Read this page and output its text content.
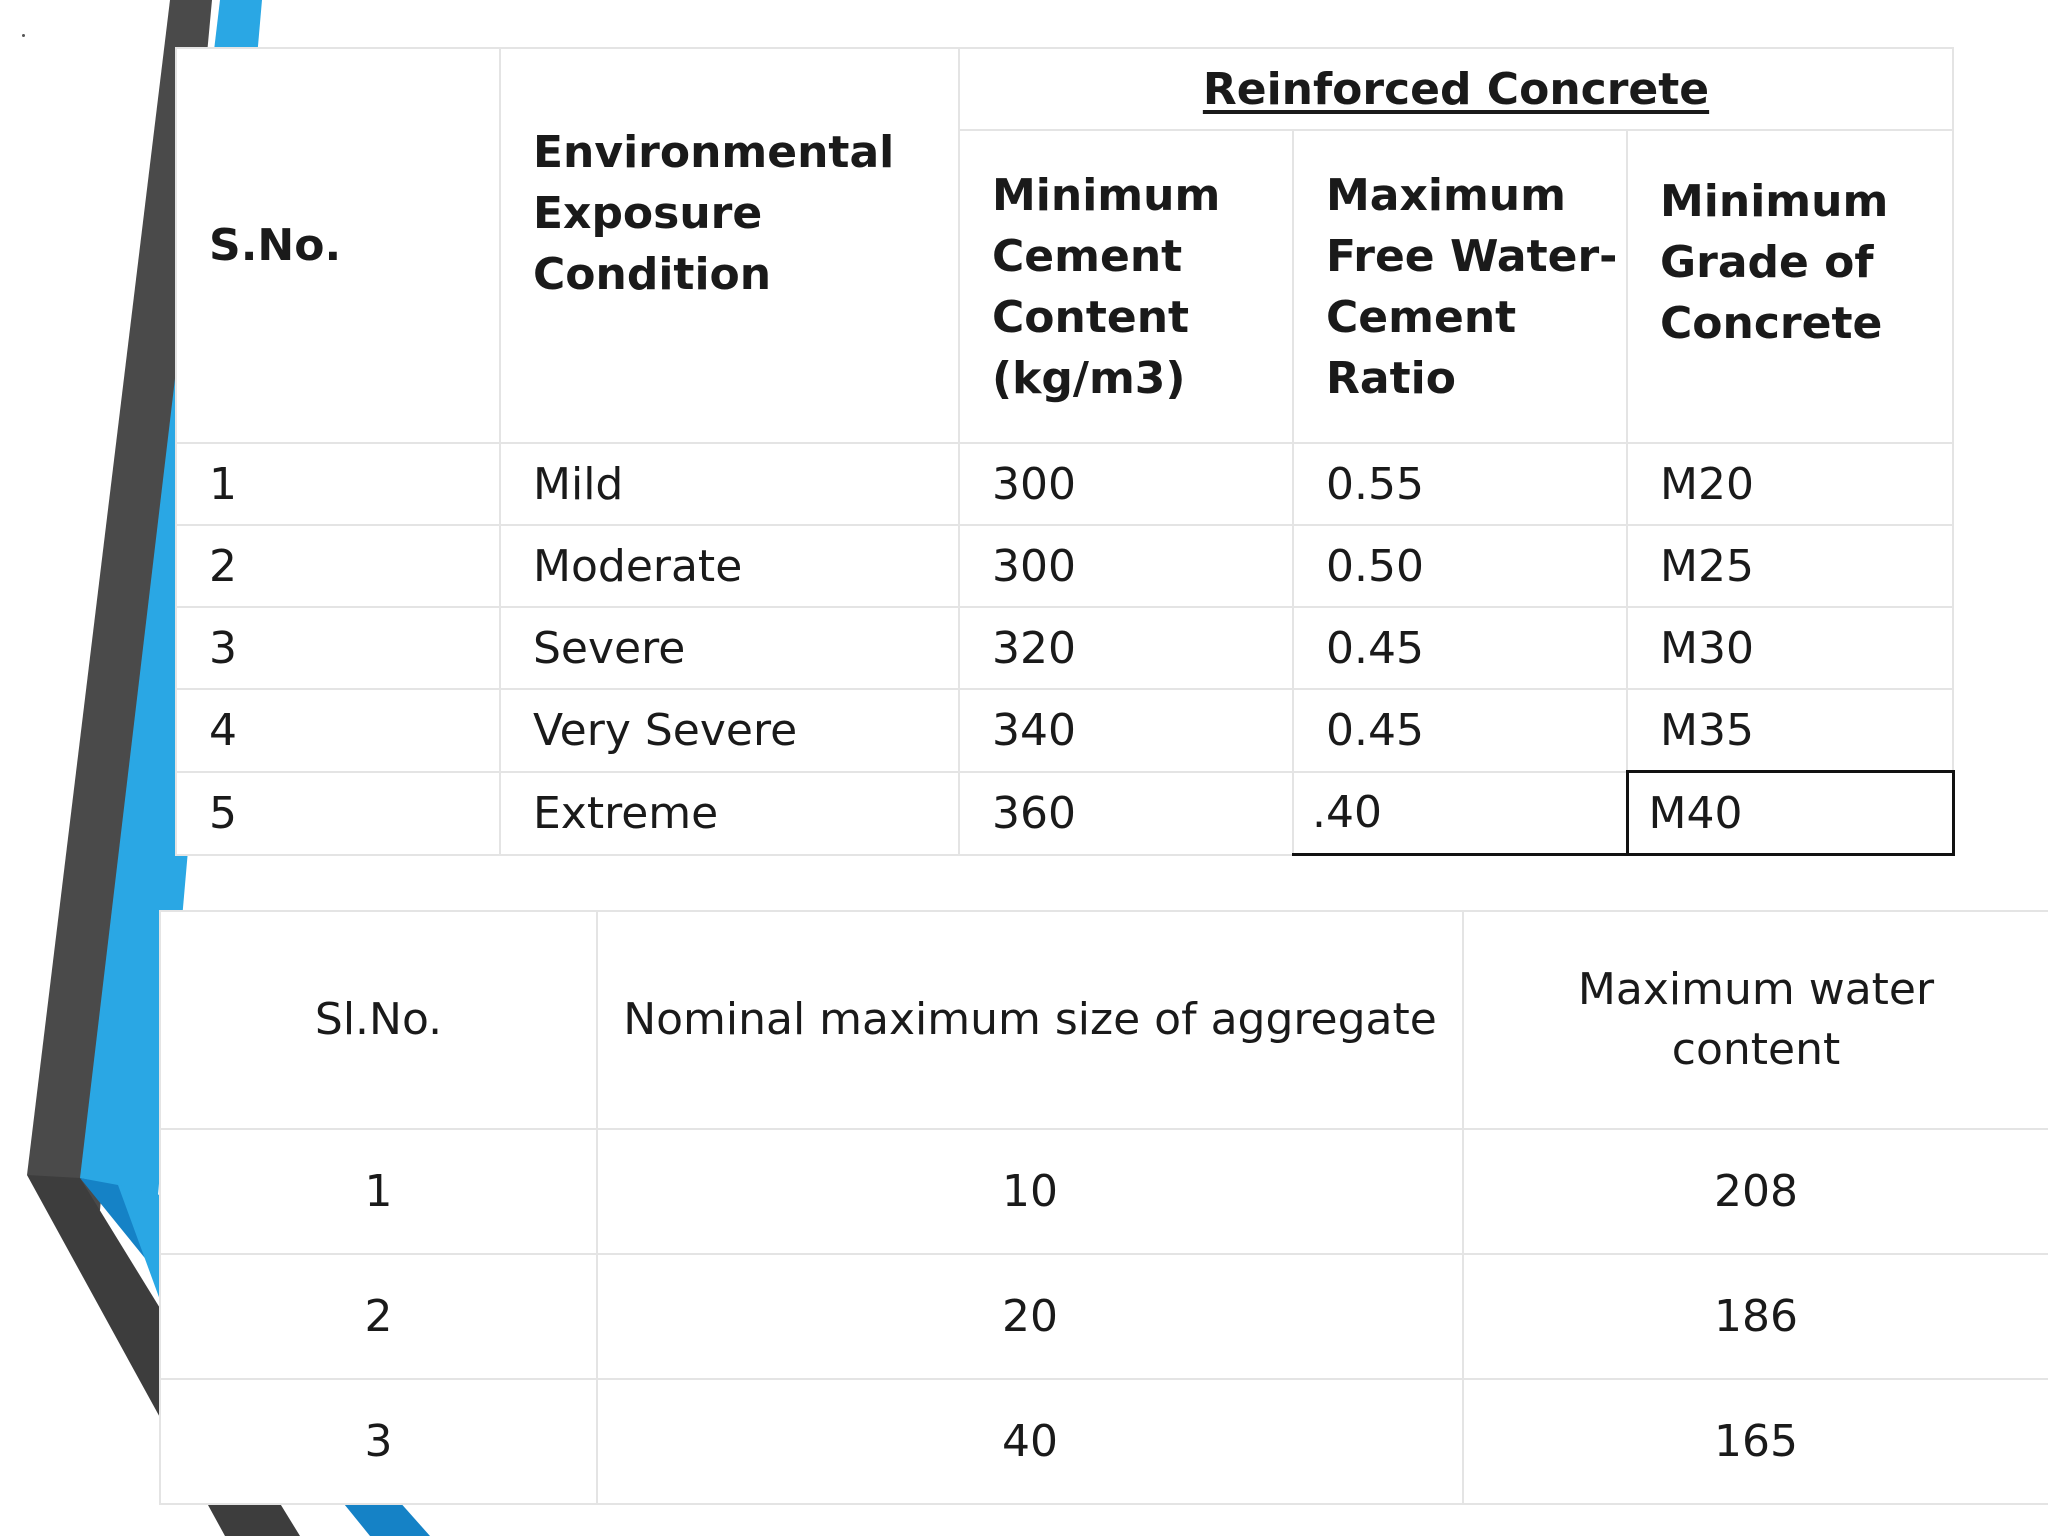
S.No.	Environmental Exposure Condition	Reinforced Concrete		
		Minimum Cement Content (kg/m3)	Maximum Free Water-Cement Ratio	Minimum Grade of Concrete
1	Mild	300	0.55	M20
2	Moderate	300	0.50	M25
3	Severe	320	0.45	M30
4	Very Severe	340	0.45	M35
5	Extreme	360	.40	M40
Sl.No.	Nominal maximum size of aggregate	Maximum water content
1	10	208
2	20	186
3	40	165
